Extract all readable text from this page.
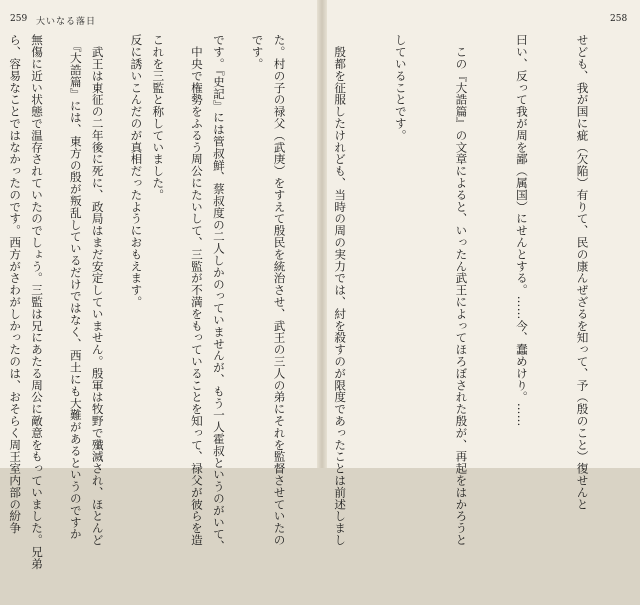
259 大いなる落日

です。

　中央で権勢をふるう周公にたいして、三監が不満をもっていることを知って、禄父が彼らを造

反に誘いこんだのが真相だったようにおもえます。

　『大誥篇』には、東方の殷が叛乱しているだけではなく、西土にも大難があるというのですか

ら、容易なことではなかったのです。西方がさわがしかったのは、おそらく周王室内部の紛争

258

せども、我が国に疵（欠陥）有りて、民の康んぜざるを知って、予（殷のこと）復せんと

曰い、反って我が周を鄙（属国）にせんとする。……今、蠢めけり。……

　この『大誥篇』の文章によると、いったん武王によってほろぼされた殷が、再起をはかろうと

していることです。

　殷都を征服したけれども、当時の周の実力では、紂を殺すのが限度であったことは前述しまし

た。村の子の禄父（武庚）をすえて殷民を統治させ、武王の三人の弟にそれを監督させていたの

です。『史記』には管叔鮮、蔡叔度の二人しかのっていませんが、もう一人霍叔というのがいて、

これを三監と称していました。

　武王は東征の二年後に死に、政局はまだ安定していません。殷軍は牧野で殲滅され、ほとんど

無傷に近い状態で温存されていたのでしょう。三監は兄にあたる周公に敵意をもっていました。兄弟
